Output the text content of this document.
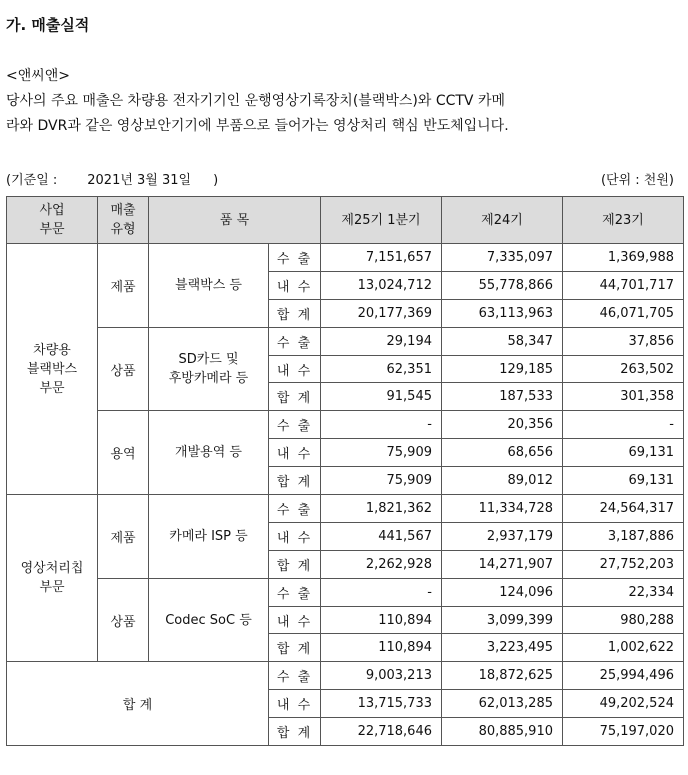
가. 매출실적
<앤씨앤>
당사의 주요 매출은 차량용 전자기기인 운행영상기록장치(블랙박스)와 CCTV 카메
라와 DVR과 같은 영상보안기기에 부품으로 들어가는 영상처리 핵심 반도체입니다.
(기준일 : 2021년 3월 31일 )	(단위 : 천원)
사업
부문	매출
유형	품 목		제25기 1분기	제24기	제23기
차량용
블랙박스
부문	제품	블랙박스 등	수 출	7,151,657	7,335,097	1,369,988
			내 수	13,024,712	55,778,866	44,701,717
			합 계	20,177,369	63,113,963	46,071,705
	상품	SD카드 및
후방카메라 등	수 출	29,194	58,347	37,856
			내 수	62,351	129,185	263,502
			합 계	91,545	187,533	301,358
	용역	개발용역 등	수 출	-	20,356	-
			내 수	75,909	68,656	69,131
			합 계	75,909	89,012	69,131
영상처리칩
부문	제품	카메라 ISP 등	수 출	1,821,362	11,334,728	24,564,317
			내 수	441,567	2,937,179	3,187,886
			합 계	2,262,928	14,271,907	27,752,203
	상품	Codec SoC 등	수 출	-	124,096	22,334
			내 수	110,894	3,099,399	980,288
			합 계	110,894	3,223,495	1,002,622
합 계			수 출	9,003,213	18,872,625	25,994,496
			내 수	13,715,733	62,013,285	49,202,524
			합 계	22,718,646	80,885,910	75,197,020
